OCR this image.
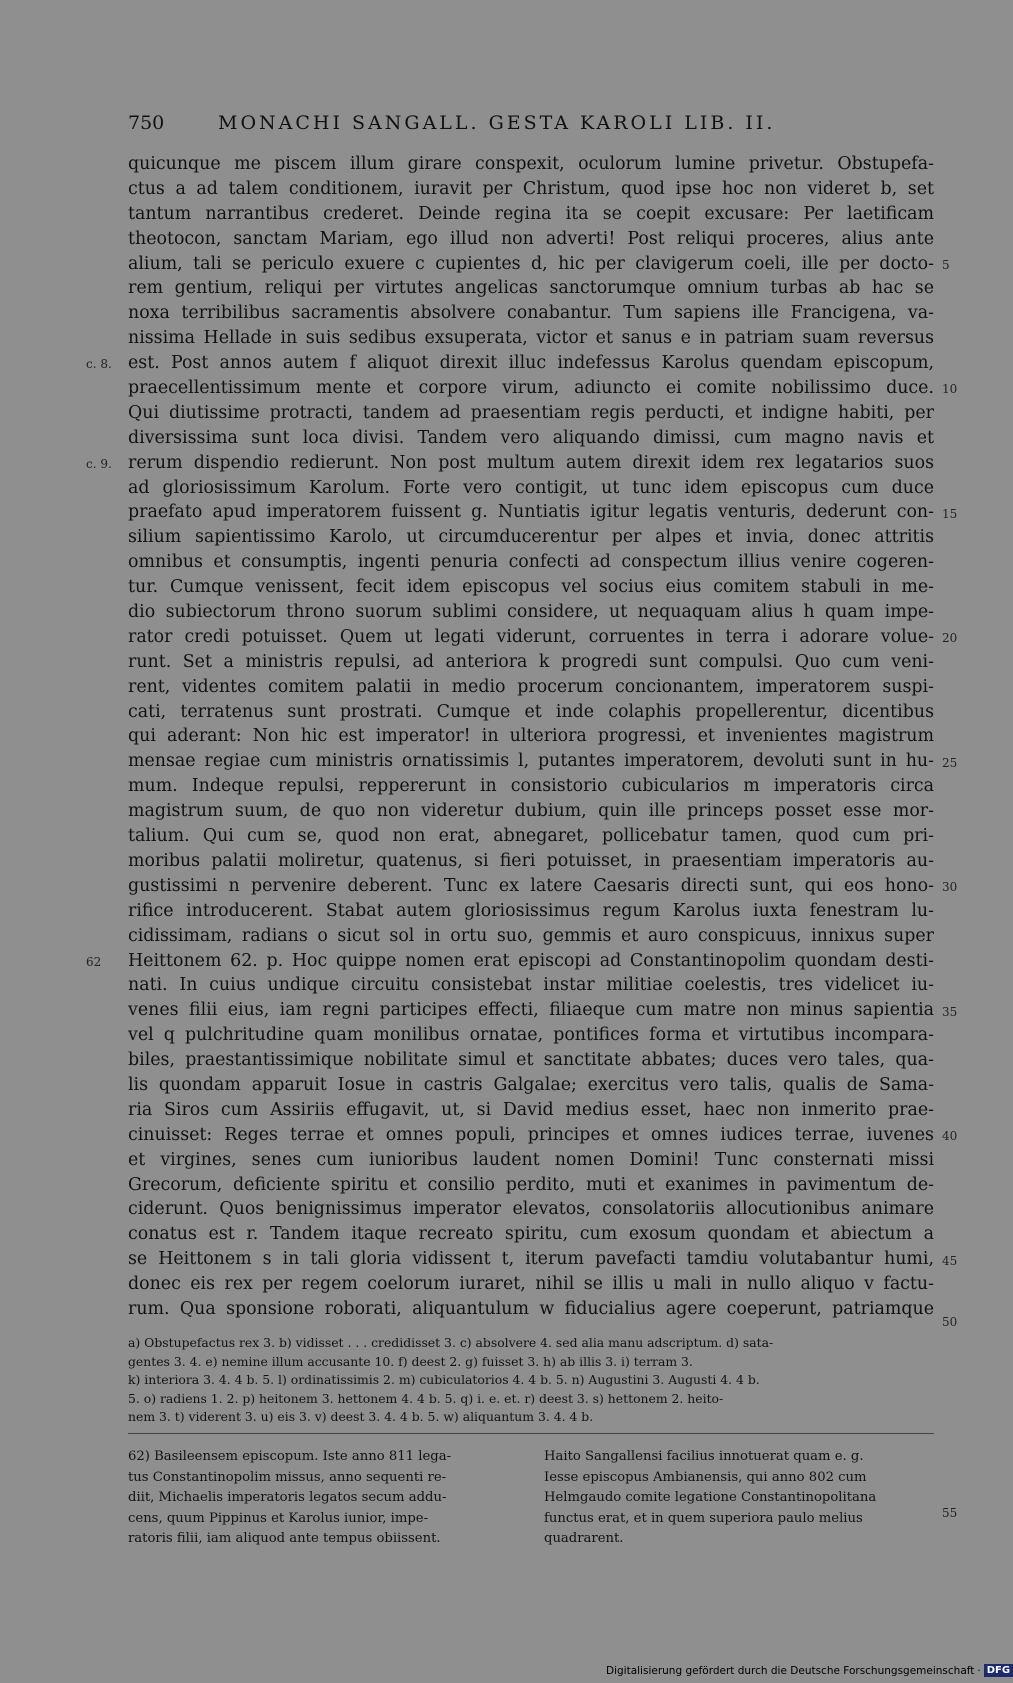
750	MONACHI SANGALL. GESTA KAROLI LIB. II.
quicunque me piscem illum girare conspexit, oculorum lumine privetur. Obstupefa-
ctus a ad talem conditionem, iuravit per Christum, quod ipse hoc non videret b, set
tantum narrantibus crederet. Deinde regina ita se coepit excusare: Per laetificam
theotocon, sanctam Mariam, ego illud non adverti! Post reliqui proceres, alius ante
alium, tali se periculo exuere c cupientes d, hic per clavigerum coeli, ille per docto-
rem gentium, reliqui per virtutes angelicas sanctorumque omnium turbas ab hac se
noxa terribilibus sacramentis absolvere conabantur. Tum sapiens ille Francigena, va-
nissima Hellade in suis sedibus exsuperata, victor et sanus e in patriam suam reversus
est. Post annos autem f aliquot direxit illuc indefessus Karolus quendam episcopum,
praecellentissimum mente et corpore virum, adiuncto ei comite nobilissimo duce.
Qui diutissime protracti, tandem ad praesentiam regis perducti, et indigne habiti, per
diversissima sunt loca divisi. Tandem vero aliquando dimissi, cum magno navis et
rerum dispendio redierunt. Non post multum autem direxit idem rex legatarios suos
ad gloriosissimum Karolum. Forte vero contigit, ut tunc idem episcopus cum duce
praefato apud imperatorem fuissent g. Nuntiatis igitur legatis venturis, dederunt con-
silium sapientissimo Karolo, ut circumducerentur per alpes et invia, donec attritis
omnibus et consumptis, ingenti penuria confecti ad conspectum illius venire cogeren-
tur. Cumque venissent, fecit idem episcopus vel socius eius comitem stabuli in me-
dio subiectorum throno suorum sublimi considere, ut nequaquam alius h quam impe-
rator credi potuisset. Quem ut legati viderunt, corruentes in terra i adorare volue-
runt. Set a ministris repulsi, ad anteriora k progredi sunt compulsi. Quo cum veni-
rent, videntes comitem palatii in medio procerum concionantem, imperatorem suspi-
cati, terratenus sunt prostrati. Cumque et inde colaphis propellerentur, dicentibus
qui aderant: Non hic est imperator! in ulteriora progressi, et invenientes magistrum
mensae regiae cum ministris ornatissimis l, putantes imperatorem, devoluti sunt in hu-
mum. Indeque repulsi, reppererunt in consistorio cubicularios m imperatoris circa
magistrum suum, de quo non videretur dubium, quin ille princeps posset esse mor-
talium. Qui cum se, quod non erat, abnegaret, pollicebatur tamen, quod cum pri-
moribus palatii moliretur, quatenus, si fieri potuisset, in praesentiam imperatoris au-
gustissimi n pervenire deberent. Tunc ex latere Caesaris directi sunt, qui eos hono-
rifice introducerent. Stabat autem gloriosissimus regum Karolus iuxta fenestram lu-
cidissimam, radians o sicut sol in ortu suo, gemmis et auro conspicuus, innixus super
Heittonem 62. p. Hoc quippe nomen erat episcopi ad Constantinopolim quondam desti-
nati. In cuius undique circuitu consistebat instar militiae coelestis, tres videlicet iu-
venes filii eius, iam regni participes effecti, filiaeque cum matre non minus sapientia
vel q pulchritudine quam monilibus ornatae, pontifices forma et virtutibus incompara-
biles, praestantissimique nobilitate simul et sanctitate abbates; duces vero tales, qua-
lis quondam apparuit Iosue in castris Galgalae; exercitus vero talis, qualis de Sama-
ria Siros cum Assiriis effugavit, ut, si David medius esset, haec non inmerito prae-
cinuisset: Reges terrae et omnes populi, principes et omnes iudices terrae, iuvenes
et virgines, senes cum iunioribus laudent nomen Domini! Tunc consternati missi
Grecorum, deficiente spiritu et consilio perdito, muti et exanimes in pavimentum de-
ciderunt. Quos benignissimus imperator elevatos, consolatoriis allocutionibus animare
conatus est r. Tandem itaque recreato spiritu, cum exosum quondam et abiectum a
se Heittonem s in tali gloria vidissent t, iterum pavefacti tamdiu volutabantur humi,
donec eis rex per regem coelorum iuraret, nihil se illis u mali in nullo aliquo v factu-
rum. Qua sponsione roborati, aliquantulum w fiducialius agere coeperunt, patriamque
5
10
15
20
25
30
35
40
45
50
55
c. 8.
c. 9.
62
a) Obstupefactus rex 3. b) vidisset . . . credidisset 3. c) absolvere 4. sed alia manu adscriptum. d) sata-
gentes 3. 4. e) nemine illum accusante 10. f) deest 2. g) fuisset 3. h) ab illis 3. i) terram 3.
k) interiora 3. 4. 4 b. 5. l) ordinatissimis 2. m) cubiculatorios 4. 4 b. 5. n) Augustini 3. Augusti 4. 4 b.
5. o) radiens 1. 2. p) heitonem 3. hettonem 4. 4 b. 5. q) i. e. et. r) deest 3. s) hettonem 2. heito-
nem 3. t) viderent 3. u) eis 3. v) deest 3. 4. 4 b. 5. w) aliquantum 3. 4. 4 b.
62) Basileensem episcopum. Iste anno 811 lega-
tus Constantinopolim missus, anno sequenti re-
diit, Michaelis imperatoris legatos secum addu-
cens, quum Pippinus et Karolus iunior, impe-
ratoris filii, iam aliquod ante tempus obiissent.
Haito Sangallensi facilius innotuerat quam e. g.
Iesse episcopus Ambianensis, qui anno 802 cum
Helmgaudo comite legatione Constantinopolitana
functus erat, et in quem superiora paulo melius
quadrarent.
Digitalisierung gefördert durch die Deutsche Forschungsgemeinschaft · DFG
